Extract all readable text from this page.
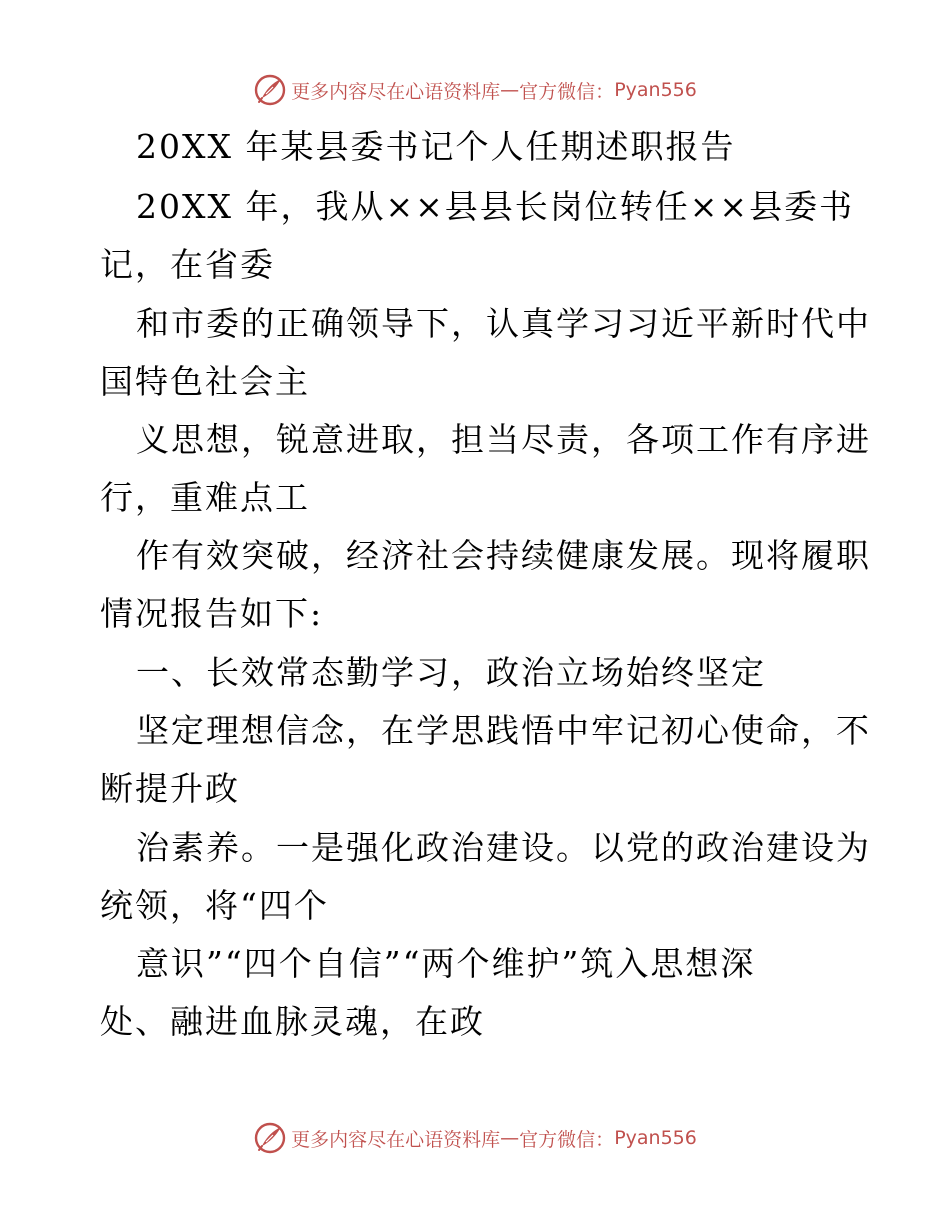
更多内容尽在心语资料库 — 官方微信： Pyan556
20XX 年某县委书记个人任期述职报告
20XX 年，我从××县县长岗位转任××县委书
记，在省委
和市委的正确领导下，认真学习习近平新时代中
国特色社会主
义思想，锐意进取，担当尽责，各项工作有序进
行，重难点工
作有效突破，经济社会持续健康发展。现将履职
情况报告如下:
一、长效常态勤学习，政治立场始终坚定
坚定理想信念，在学思践悟中牢记初心使命，不
断提升政
治素养。一是强化政治建设。以党的政治建设为
统领，将“四个
意识”“四个自信”“两个维护”筑入思想深
处、融进血脉灵魂，在政
更多内容尽在心语资料库 — 官方微信： Pyan556
